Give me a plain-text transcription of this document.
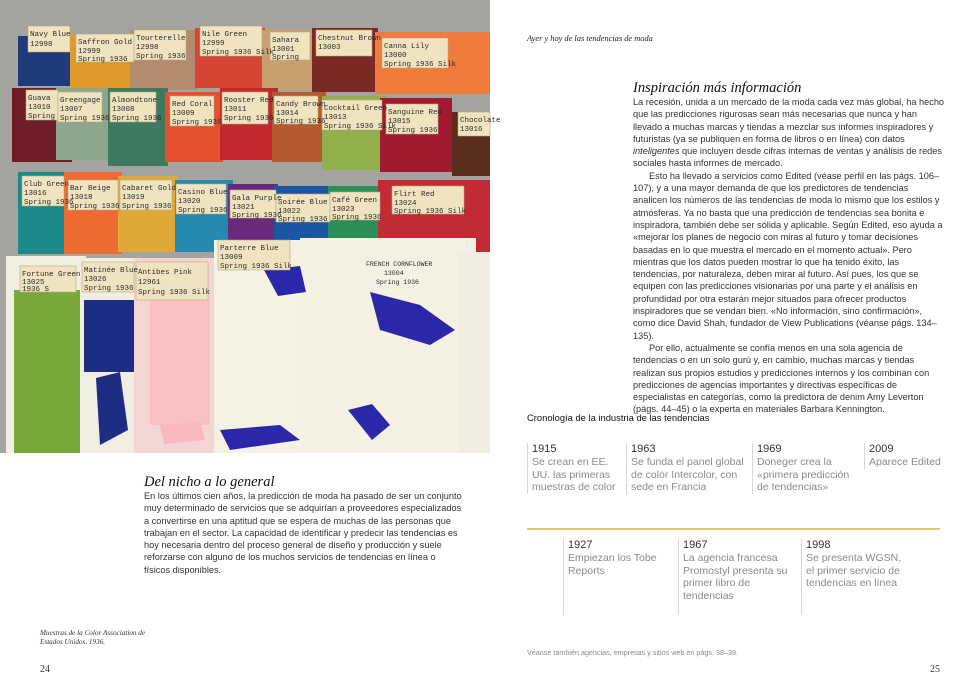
Navy Blue
12998	Saffron Gold
12999
Spring 1936
Tourterelle
12998
Spring 1936
Nile Green
12999
Spring 1936 Silk
Sahara
13001
Spring
Chestnut Brown
13003	Canna Lily
13000
Spring 1936 Silk
Guava
13010
Spring
Greengage
13007
Spring 1936
Almondtone
13008
Spring 1936
Red Coral
13009
Spring 1936
Rooster Red
13011
Spring 1936
Candy Brown
13014
Spring 1936
Cocktail Green
13013
Spring 1936 Silk
Sanguine Red
13015
Spring 1936
Chocolate
13016
Club Green
13016
Spring 1936
Bar Beige
13018
Spring 1936
Cabaret Gold
13019
Spring 1936
Casino Blue
13020
Spring 1936
Gala Purple
13021
Spring 1936
Soirée Blue
13022
Spring 1936
Café Green
13023
Spring 1936
Flirt Red
13024
Spring 1936 Silk
Fortune Green
13025
1936 S
Matinée Blue
13026
Spring 1936
Antibes Pink
12961
Spring 1936 Silk
Parterre Blue
13009
Spring 1936 Silk	FRENCH CORNFLOWER
13004
Spring 1936
Del nicho a lo general

En los últimos cien años, la predicción de moda ha pasado de ser un conjunto muy determinado de servicios que se adquirían a proveedores especializados a convertirse en una aptitud que se espera de muchas de las personas que trabajan en el sector. La capacidad de identificar y predecir las tendencias es hoy necesaria dentro del proceso general de diseño y producción y suele reforzarse con alguno de los muchos servicios de tendencias en línea o físicos disponibles.

Muestras de la Color Association de Estados Unidos, 1936.
24
Ayer y hoy de las tendencias de moda
Inspiración más información

La recesión, unida a un mercado de la moda cada vez más global, ha hecho que las predicciones rigurosas sean más necesarias que nunca y han llevado a muchas marcas y tiendas a mezclar sus informes inspiradores y futuristas (ya se publiquen en forma de libros o en línea) con datos inteligentes que incluyen desde cifras internas de ventas y análisis de redes sociales hasta informes de mercado.

Esto ha llevado a servicios como Edited (véase perfil en las págs. 106–107), y a una mayor demanda de que los predictores de tendencias analicen los números de las tendencias de moda lo mismo que los estilos y atmósferas. Ya no basta que una predicción de tendencias sea bonita e inspiradora, también debe ser sólida y aplicable. Según Edited, eso ayuda a «mejorar los planes de negocio con miras al futuro y tomar decisiones basadas en lo que muestra el mercado en el momento actual». Pero mientras que los datos pueden mostrar lo que ha tenido éxito, las tendencias, por naturaleza, deben mirar al futuro. Así pues, los que se equipen con las predicciones visionarias por una parte y el análisis en profundidad por otra estarán mejor situados para ofrecer productos inspiradores que se vendan bien. «No información, sino confirmación», como dice David Shah, fundador de View Publications (véanse págs. 134–135).

Por ello, actualmente se confía menos en una sola agencia de tendencias o en un solo gurú y, en cambio, muchas marcas y tiendas realizan sus propios estudios y predicciones internos y los combinan con predicciones de agencias importantes y directivas específicas de especialistas en categorías, como la predictora de denim Amy Leverton (págs. 44–45) o la experta en materiales Barbara Kennington.

Cronología de la industria de las tendencias
1915
Se crean en EE. UU. las primeras muestras de color
1963
Se funda el panel global de color Intercolor, con sede en Francia
1969
Doneger crea la «primera predicción de tendencias»
2009
Aparece Edited
1927
Empiezan los Tobe Reports
1967
La agencia francesa Promostyl presenta su primer libro de tendencias
1998
Se presenta WGSN, el primer servicio de tendencias en línea
Véanse también agencias, empresas y sitios web en págs. 38–39.
25
